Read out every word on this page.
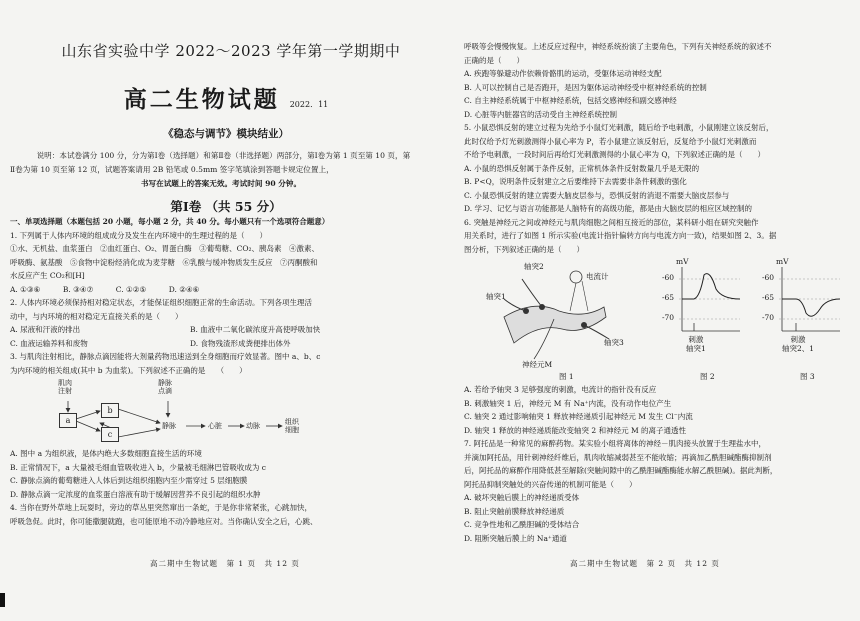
山东省实验中学 2022～2023 学年第一学期期中
高二生物试题 2022．11
《稳态与调节》模块结业）
说明：本试卷满分 100 分，分为第Ⅰ卷（选择题）和第Ⅱ卷（非选择题）两部分，第Ⅰ卷为第 1 页至第 10 页，第Ⅱ卷为第 10 页至第 12 页，试题答案请用 2B 铅笔或 0.5mm 签字笔填涂到答题卡规定位置上，
书写在试题上的答案无效。考试时间 90 分钟。
第Ⅰ卷 （共 55 分）

一、单项选择题（本题包括 20 小题，每小题 2 分，共 40 分。每小题只有一个选项符合题意）

1. 下列属于人体内环境的组成成分及发生在内环境中的生理过程的是（　　）

①水、无机盐、血浆蛋白　②血红蛋白、O₂、胃蛋白酶　③葡萄糖、CO₂、胰岛素　④激素、

呼吸酶、氨基酸　⑤食物中淀粉经消化成为麦芽糖　⑥乳酸与缓冲物质发生反应　⑦丙酮酸和

水反应产生 CO₂和[H]

A. ①③⑥　　　B. ③④⑦　　　C. ①②⑤　　　D. ②④⑥

2. 人体内环境必须保持相对稳定状态，才能保证组织细胞正常的生命活动。下列各项生理活

动中，与内环境的相对稳定无直接关系的是（　　）

A. 尿液和汗液的排出	B. 血液中二氧化碳浓度升高使呼吸加快

C. 血液运输养料和废物	D. 食物残渣形成粪便排出体外

3. 与肌肉注射相比，静脉点滴因能将大剂量药物迅速送到全身细胞而疗效显著。图中 a、b、c

为内环境的相关组成(其中 b 为血浆)。下列叙述不正确的是　　（　　）

肌肉
注射
静脉
点滴
a
b
c
静脉	心脏	动脉	组织
细胞

A. 图中 a 为组织液，是体内绝大多数细胞直接生活的环境

B. 正常情况下，a 大量被毛细血管吸收进入 b，少量被毛细淋巴管吸收成为 c

C. 静脉点滴的葡萄糖进入人体后到达组织细胞内至少需穿过 5 层细胞膜

D. 静脉点滴一定浓度的血浆蛋白溶液有助于缓解因营养不良引起的组织水肿

4. 当你在野外草地上玩耍时，旁边的草丛里突然窜出一条蛇，于是你非常紧张，心跳加快，

呼吸急促。此时，你可能撒腿就跑，也可能原地不动冷静地应对。当你确认安全之后，心跳、

高二期中生物试题　第 1 页　共 12 页

呼吸等会慢慢恢复。上述反应过程中，神经系统扮演了主要角色，下列有关神经系统的叙述不

正确的是（　　）

A. 疾跑等躲避动作依赖骨骼肌的运动，受躯体运动神经支配

B. 人可以控制自己是否跑开，是因为躯体运动神经受中枢神经系统的控制

C. 自主神经系统属于中枢神经系统，包括交感神经和副交感神经

D. 心脏等内脏器官的活动受自主神经系统控制

5. 小鼠恐惧反射的建立过程为先给予小鼠灯光刺激，随后给予电刺激，小鼠刚建立该反射后，

此时仅给予灯光刺激测得小鼠心率为 P，若小鼠建立该反射后，反复给予小鼠灯光刺激而

不给予电刺激，一段时间后再给灯光刺激测得的小鼠心率为 Q，下列叙述正确的是（　　）

A. 小鼠的恐惧反射属于条件反射，正常机体条件反射数量几乎是无限的

B. P<Q，说明条件反射建立之后要维持下去需要非条件刺激的强化

C. 小鼠恐惧反射的建立需要大脑皮层参与，恐惧反射的消退不需要大脑皮层参与

D. 学习、记忆与语言功能都是人脑特有的高级功能，都是由大脑皮层的相应区域控制的

6. 突触是神经元之间或神经元与肌肉细胞之间相互接近的部位，某科研小组在研究突触作

用关系时，进行了如图 1 所示实验(电流计指针偏转方向与电流方向一致)，结果如图 2、3。据

图分析，下列叙述正确的是（　　）

轴突2
电流计
轴突1
轴突3
神经元M
图 1
mV
-60
-65
-70
刺激
轴突1
图 2
mV
-60
-65
-70
刺激
轴突2、1
图 3

A. 若给予轴突 3 足够强度的刺激，电流计的指针没有反应

B. 刺激轴突 1 后，神经元 M 有 Na⁺内流，没有动作电位产生

C. 轴突 2 通过影响轴突 1 释放神经递质引起神经元 M 发生 Cl⁻内流

D. 轴突 1 释放的神经递质能改变轴突 2 和神经元 M 的离子通透性

7. 阿托品是一种常见的麻醉药物。某实验小组将离体的神经－肌肉接头放置于生理盐水中，

并滴加阿托品，用针刺神经纤维后，肌肉收缩减弱甚至不能收缩；再滴加乙酰胆碱酯酶抑制剂

后，阿托品的麻醉作用降低甚至解除(突触间隙中的乙酰胆碱酯酶能水解乙酰胆碱)。据此判断，

阿托品抑制突触处的兴奋传递的机制可能是（　　）

A. 破坏突触后膜上的神经递质受体

B. 阻止突触前膜释放神经递质

C. 竞争性地和乙酰胆碱的受体结合

D. 阻断突触后膜上的 Na⁺通道

高二期中生物试题　第 2 页　共 12 页
